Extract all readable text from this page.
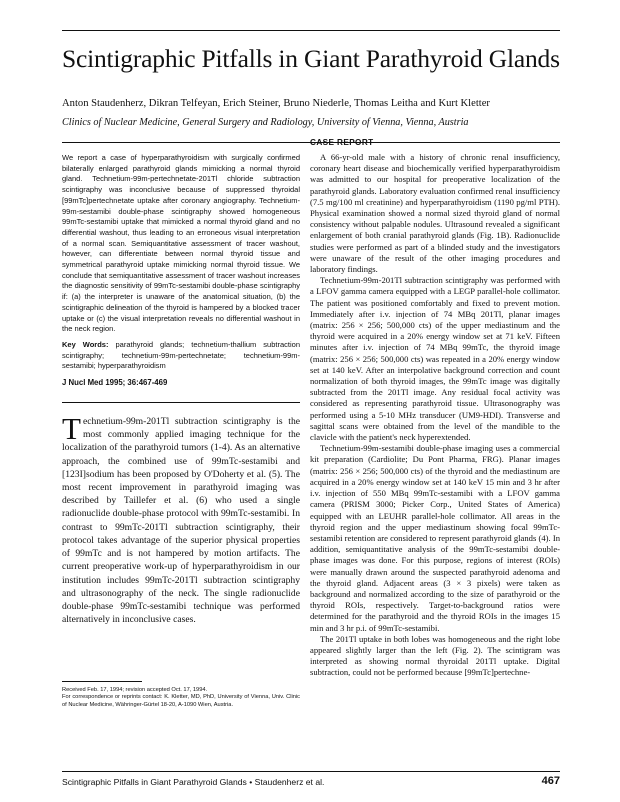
Scintigraphic Pitfalls in Giant Parathyroid Glands
Anton Staudenherz, Dikran Telfeyan, Erich Steiner, Bruno Niederle, Thomas Leitha and Kurt Kletter
Clinics of Nuclear Medicine, General Surgery and Radiology, University of Vienna, Vienna, Austria

We report a case of hyperparathyroidism with surgically confirmed bilaterally enlarged parathyroid glands mimicking a normal thyroid gland. Technetium-99m-pertechnetate-201Tl chloride subtraction scintigraphy was inconclusive because of suppressed thyroidal [99mTc]pertechnetate uptake after coronary angiography. Technetium-99m-sestamibi double-phase scintigraphy showed homogeneous 99mTc-sestamibi uptake that mimicked a normal thyroid gland and no differential washout, thus leading to an erroneous visual interpretation of a normal scan. Semiquantitative assessment of tracer washout, however, can differentiate between normal thyroid tissue and symmetrical parathyroid uptake mimicking normal thyroid tissue. We conclude that semiquantitative assessment of tracer washout increases the diagnostic sensitivity of 99mTc-sestamibi double-phase scintigraphy if: (a) the interpreter is unaware of the anatomical situation, (b) the scintigraphic delineation of the thyroid is hampered by a blocked tracer uptake or (c) the visual interpretation reveals no differential washout in the neck region.

Key Words: parathyroid glands; technetium-thallium subtraction scintigraphy; technetium-99m-pertechnetate; technetium-99m-sestamibi; hyperparathyroidism

J Nucl Med 1995; 36:467-469

Technetium-99m-201Tl subtraction scintigraphy is the most commonly applied imaging technique for the localization of the parathyroid tumors (1-4). As an alternative approach, the combined use of 99mTc-sestamibi and [123I]sodium has been proposed by O'Doherty et al. (5). The most recent improvement in parathyroid imaging was described by Taillefer et al. (6) who used a single radionuclide double-phase protocol with 99mTc-sestamibi. In contrast to 99mTc-201Tl subtraction scintigraphy, their protocol takes advantage of the superior physical properties of 99mTc and is not hampered by motion artifacts. The current preoperative work-up of hyperparathyroidism in our institution includes 99mTc-201Tl subtraction scintigraphy and ultrasonography of the neck. The single radionuclide double-phase 99mTc-sestamibi technique was performed alternatively in inconclusive cases.

Received Feb. 17, 1994; revision accepted Oct. 17, 1994.
For correspondence or reprints contact: K. Kletter, MD, PhD, University of Vienna, Univ. Clinic of Nuclear Medicine, Währinger-Gürtel 18-20, A-1090 Wien, Austria.
CASE REPORT

A 66-yr-old male with a history of chronic renal insufficiency, coronary heart disease and biochemically verified hyperparathyroidism was admitted to our hospital for preoperative localization of the parathyroid glands. Laboratory evaluation confirmed renal insufficiency (7.5 mg/100 ml creatinine) and hyperparathyroidism (1190 pg/ml PTH). Physical examination showed a normal sized thyroid gland of normal consistency without palpable nodules. Ultrasound revealed a significant enlargement of both cranial parathyroid glands (Fig. 1B). Radionuclide studies were performed as part of a blinded study and the investigators were unaware of the result of the other imaging procedures and laboratory findings.

Technetium-99m-201Tl subtraction scintigraphy was performed with a LFOV gamma camera equipped with a LEGP parallel-hole collimator. The patient was positioned comfortably and fixed to prevent motion. Immediately after i.v. injection of 74 MBq 201Tl, planar images (matrix: 256 × 256; 500,000 cts) of the upper mediastinum and the thyroid were acquired in a 20% energy window set at 71 keV. Fifteen minutes after i.v. injection of 74 MBq 99mTc, the thyroid image (matrix: 256 × 256; 500,000 cts) was repeated in a 20% energy window set at 140 keV. After an interpolative background correction and count normalization of both thyroid images, the 99mTc image was digitally subtracted from the 201Tl image. Any residual focal activity was considered as representing parathyroid tissue. Ultrasonography was performed using a 5-10 MHz transducer (UM9-HDI). Transverse and sagittal scans were obtained from the level of the mandible to the clavicle with the patient's neck hyperextended.

Technetium-99m-sestamibi double-phase imaging uses a commercial kit preparation (Cardiolite; Du Pont Pharma, FRG). Planar images (matrix: 256 × 256; 500,000 cts) of the thyroid and the mediastinum are acquired in a 20% energy window set at 140 keV 15 min and 3 hr after i.v. injection of 550 MBq 99mTc-sestamibi with a LFOV gamma camera (PRISM 3000; Picker Corp., United States of America) equipped with an LEUHR parallel-hole collimator. All areas in the thyroid region and the upper mediastinum showing focal 99mTc-sestamibi retention are considered to represent parathyroid glands (4). In addition, semiquantitative analysis of the 99mTc-sestamibi double-phase images was done. For this purpose, regions of interest (ROIs) were manually drawn around the suspected parathyroid adenoma and the thyroid gland. Adjacent areas (3 × 3 pixels) were taken as background and normalized according to the size of parathyroid or the thyroid ROIs, respectively. Target-to-background ratios were determined for the parathyroid and the thyroid ROIs in the images 15 min and 3 hr p.i. of 99mTc-sestamibi.

The 201Tl uptake in both lobes was homogeneous and the right lobe appeared slightly larger than the left (Fig. 2). The scintigram was interpreted as showing normal thyroidal 201Tl uptake. Digital subtraction, could not be performed because [99mTc]pertechne-

Scintigraphic Pitfalls in Giant Parathyroid Glands • Staudenherz et al.	467
